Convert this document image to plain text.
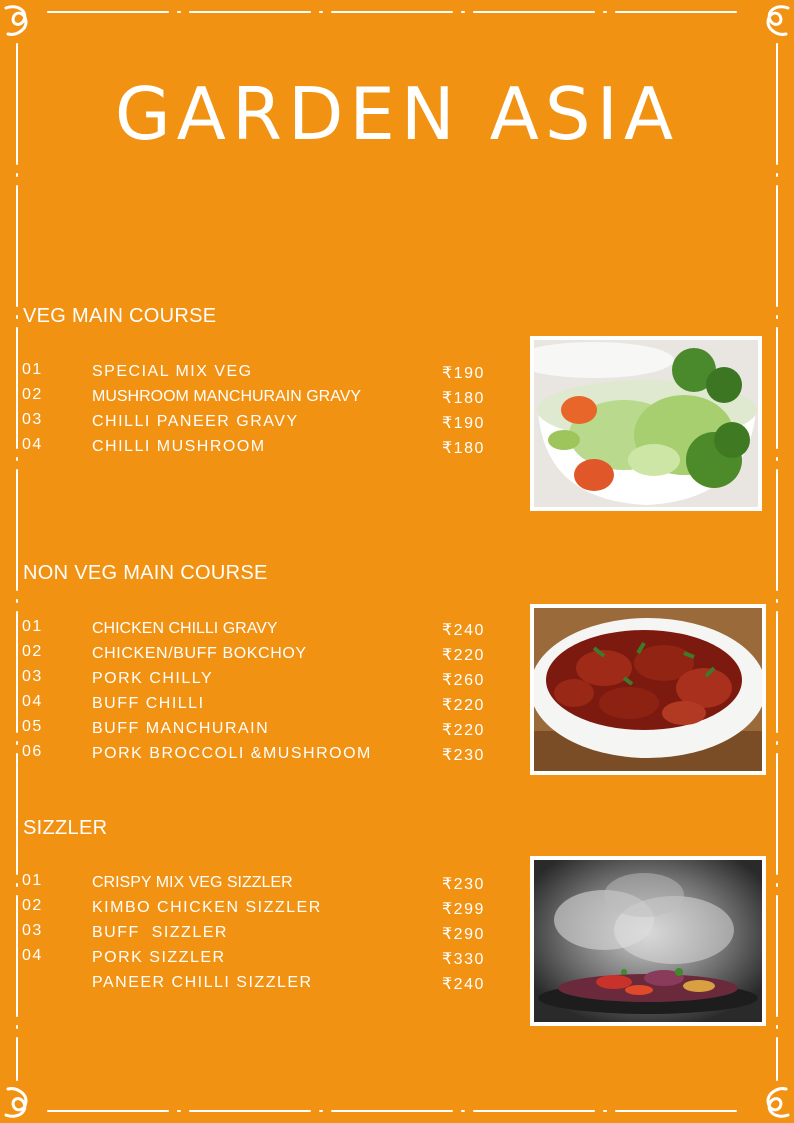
GARDEN ASIA
VEG MAIN COURSE
01	SPECIAL MIX VEG	₹190
02	MUSHROOM MANCHURAIN GRAVY	₹180
03	CHILLI PANEER GRAVY	₹190
04	CHILLI MUSHROOM	₹180
NON VEG MAIN COURSE
01	CHICKEN CHILLI GRAVY	₹240
02	CHICKEN/BUFF BOKCHOY	₹220
03	PORK CHILLY	₹260
04	BUFF CHILLI	₹220
05	BUFF MANCHURAIN	₹220
06	PORK BROCCOLI &MUSHROOM	₹230
SIZZLER
01	CRISPY MIX VEG SIZZLER	₹230
02	KIMBO CHICKEN SIZZLER	₹299
03	BUFF  SIZZLER	₹290
04	PORK SIZZLER	₹330
PANEER CHILLI SIZZLER	₹240
